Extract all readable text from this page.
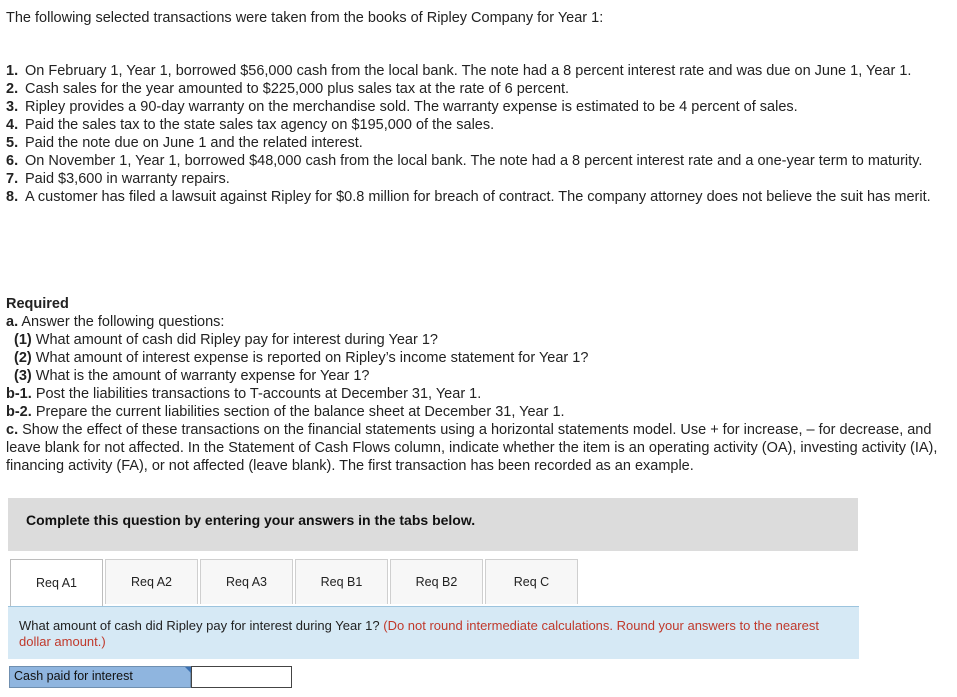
The following selected transactions were taken from the books of Ripley Company for Year 1:
1. On February 1, Year 1, borrowed $56,000 cash from the local bank. The note had a 8 percent interest rate and was due on June 1, Year 1.
2. Cash sales for the year amounted to $225,000 plus sales tax at the rate of 6 percent.
3. Ripley provides a 90-day warranty on the merchandise sold. The warranty expense is estimated to be 4 percent of sales.
4. Paid the sales tax to the state sales tax agency on $195,000 of the sales.
5. Paid the note due on June 1 and the related interest.
6. On November 1, Year 1, borrowed $48,000 cash from the local bank. The note had a 8 percent interest rate and a one-year term to maturity.
7. Paid $3,600 in warranty repairs.
8. A customer has filed a lawsuit against Ripley for $0.8 million for breach of contract. The company attorney does not believe the suit has merit.
Required
a. Answer the following questions:
(1) What amount of cash did Ripley pay for interest during Year 1?
(2) What amount of interest expense is reported on Ripley’s income statement for Year 1?
(3) What is the amount of warranty expense for Year 1?
b-1. Post the liabilities transactions to T-accounts at December 31, Year 1.
b-2. Prepare the current liabilities section of the balance sheet at December 31, Year 1.
c. Show the effect of these transactions on the financial statements using a horizontal statements model. Use + for increase, – for decrease, and leave blank for not affected. In the Statement of Cash Flows column, indicate whether the item is an operating activity (OA), investing activity (IA), financing activity (FA), or not affected (leave blank). The first transaction has been recorded as an example.
Complete this question by entering your answers in the tabs below.
Req A1	Req A2	Req A3	Req B1	Req B2	Req C
What amount of cash did Ripley pay for interest during Year 1? (Do not round intermediate calculations. Round your answers to the nearest dollar amount.)
Cash paid for interest
